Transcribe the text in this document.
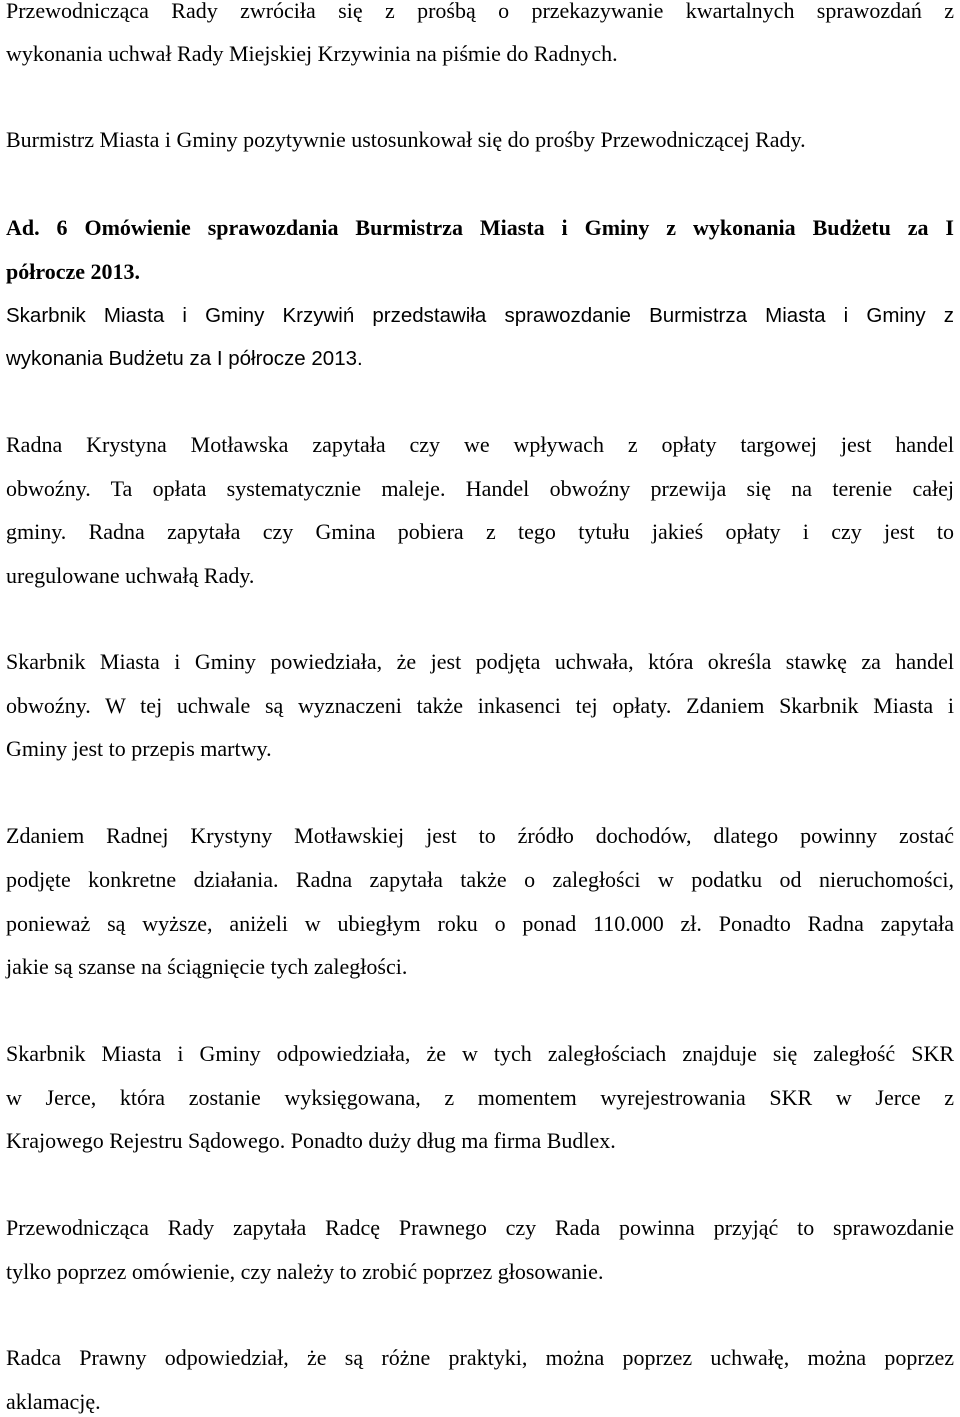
Przewodnicząca Rady zwróciła się z prośbą o przekazywanie kwartalnych sprawozdań z
wykonania uchwał Rady Miejskiej Krzywinia na piśmie do Radnych.
Burmistrz Miasta i Gminy pozytywnie ustosunkował się do prośby Przewodniczącej Rady.
Ad. 6 Omówienie sprawozdania Burmistrza Miasta i Gminy z wykonania Budżetu za I
półrocze 2013.
Skarbnik Miasta i Gminy Krzywiń przedstawiła sprawozdanie Burmistrza Miasta i Gminy z
wykonania Budżetu za I półrocze 2013.
Radna Krystyna Motławska zapytała czy we wpływach z opłaty targowej jest handel
obwoźny. Ta opłata systematycznie maleje. Handel obwoźny przewija się na terenie całej
gminy. Radna zapytała czy Gmina pobiera z tego tytułu jakieś opłaty i czy jest to
uregulowane uchwałą Rady.
Skarbnik Miasta i Gminy powiedziała, że jest podjęta uchwała, która określa stawkę za handel
obwoźny. W tej uchwale są wyznaczeni także inkasenci tej opłaty. Zdaniem Skarbnik Miasta i
Gminy jest to przepis martwy.
Zdaniem Radnej Krystyny Motławskiej jest to źródło dochodów, dlatego powinny zostać
podjęte konkretne działania. Radna zapytała także o zaległości w podatku od nieruchomości,
ponieważ są wyższe, aniżeli w ubiegłym roku o ponad 110.000 zł. Ponadto Radna zapytała
jakie są szanse na ściągnięcie tych zaległości.
Skarbnik Miasta i Gminy odpowiedziała, że w tych zaległościach znajduje się zaległość SKR
w Jerce, która zostanie wyksięgowana, z momentem wyrejestrowania SKR w Jerce z
Krajowego Rejestru Sądowego. Ponadto duży dług ma firma Budlex.
Przewodnicząca Rady zapytała Radcę Prawnego czy Rada powinna przyjąć to sprawozdanie
tylko poprzez omówienie, czy należy to zrobić poprzez głosowanie.
Radca Prawny odpowiedział, że są różne praktyki, można poprzez uchwałę, można poprzez
aklamację.
